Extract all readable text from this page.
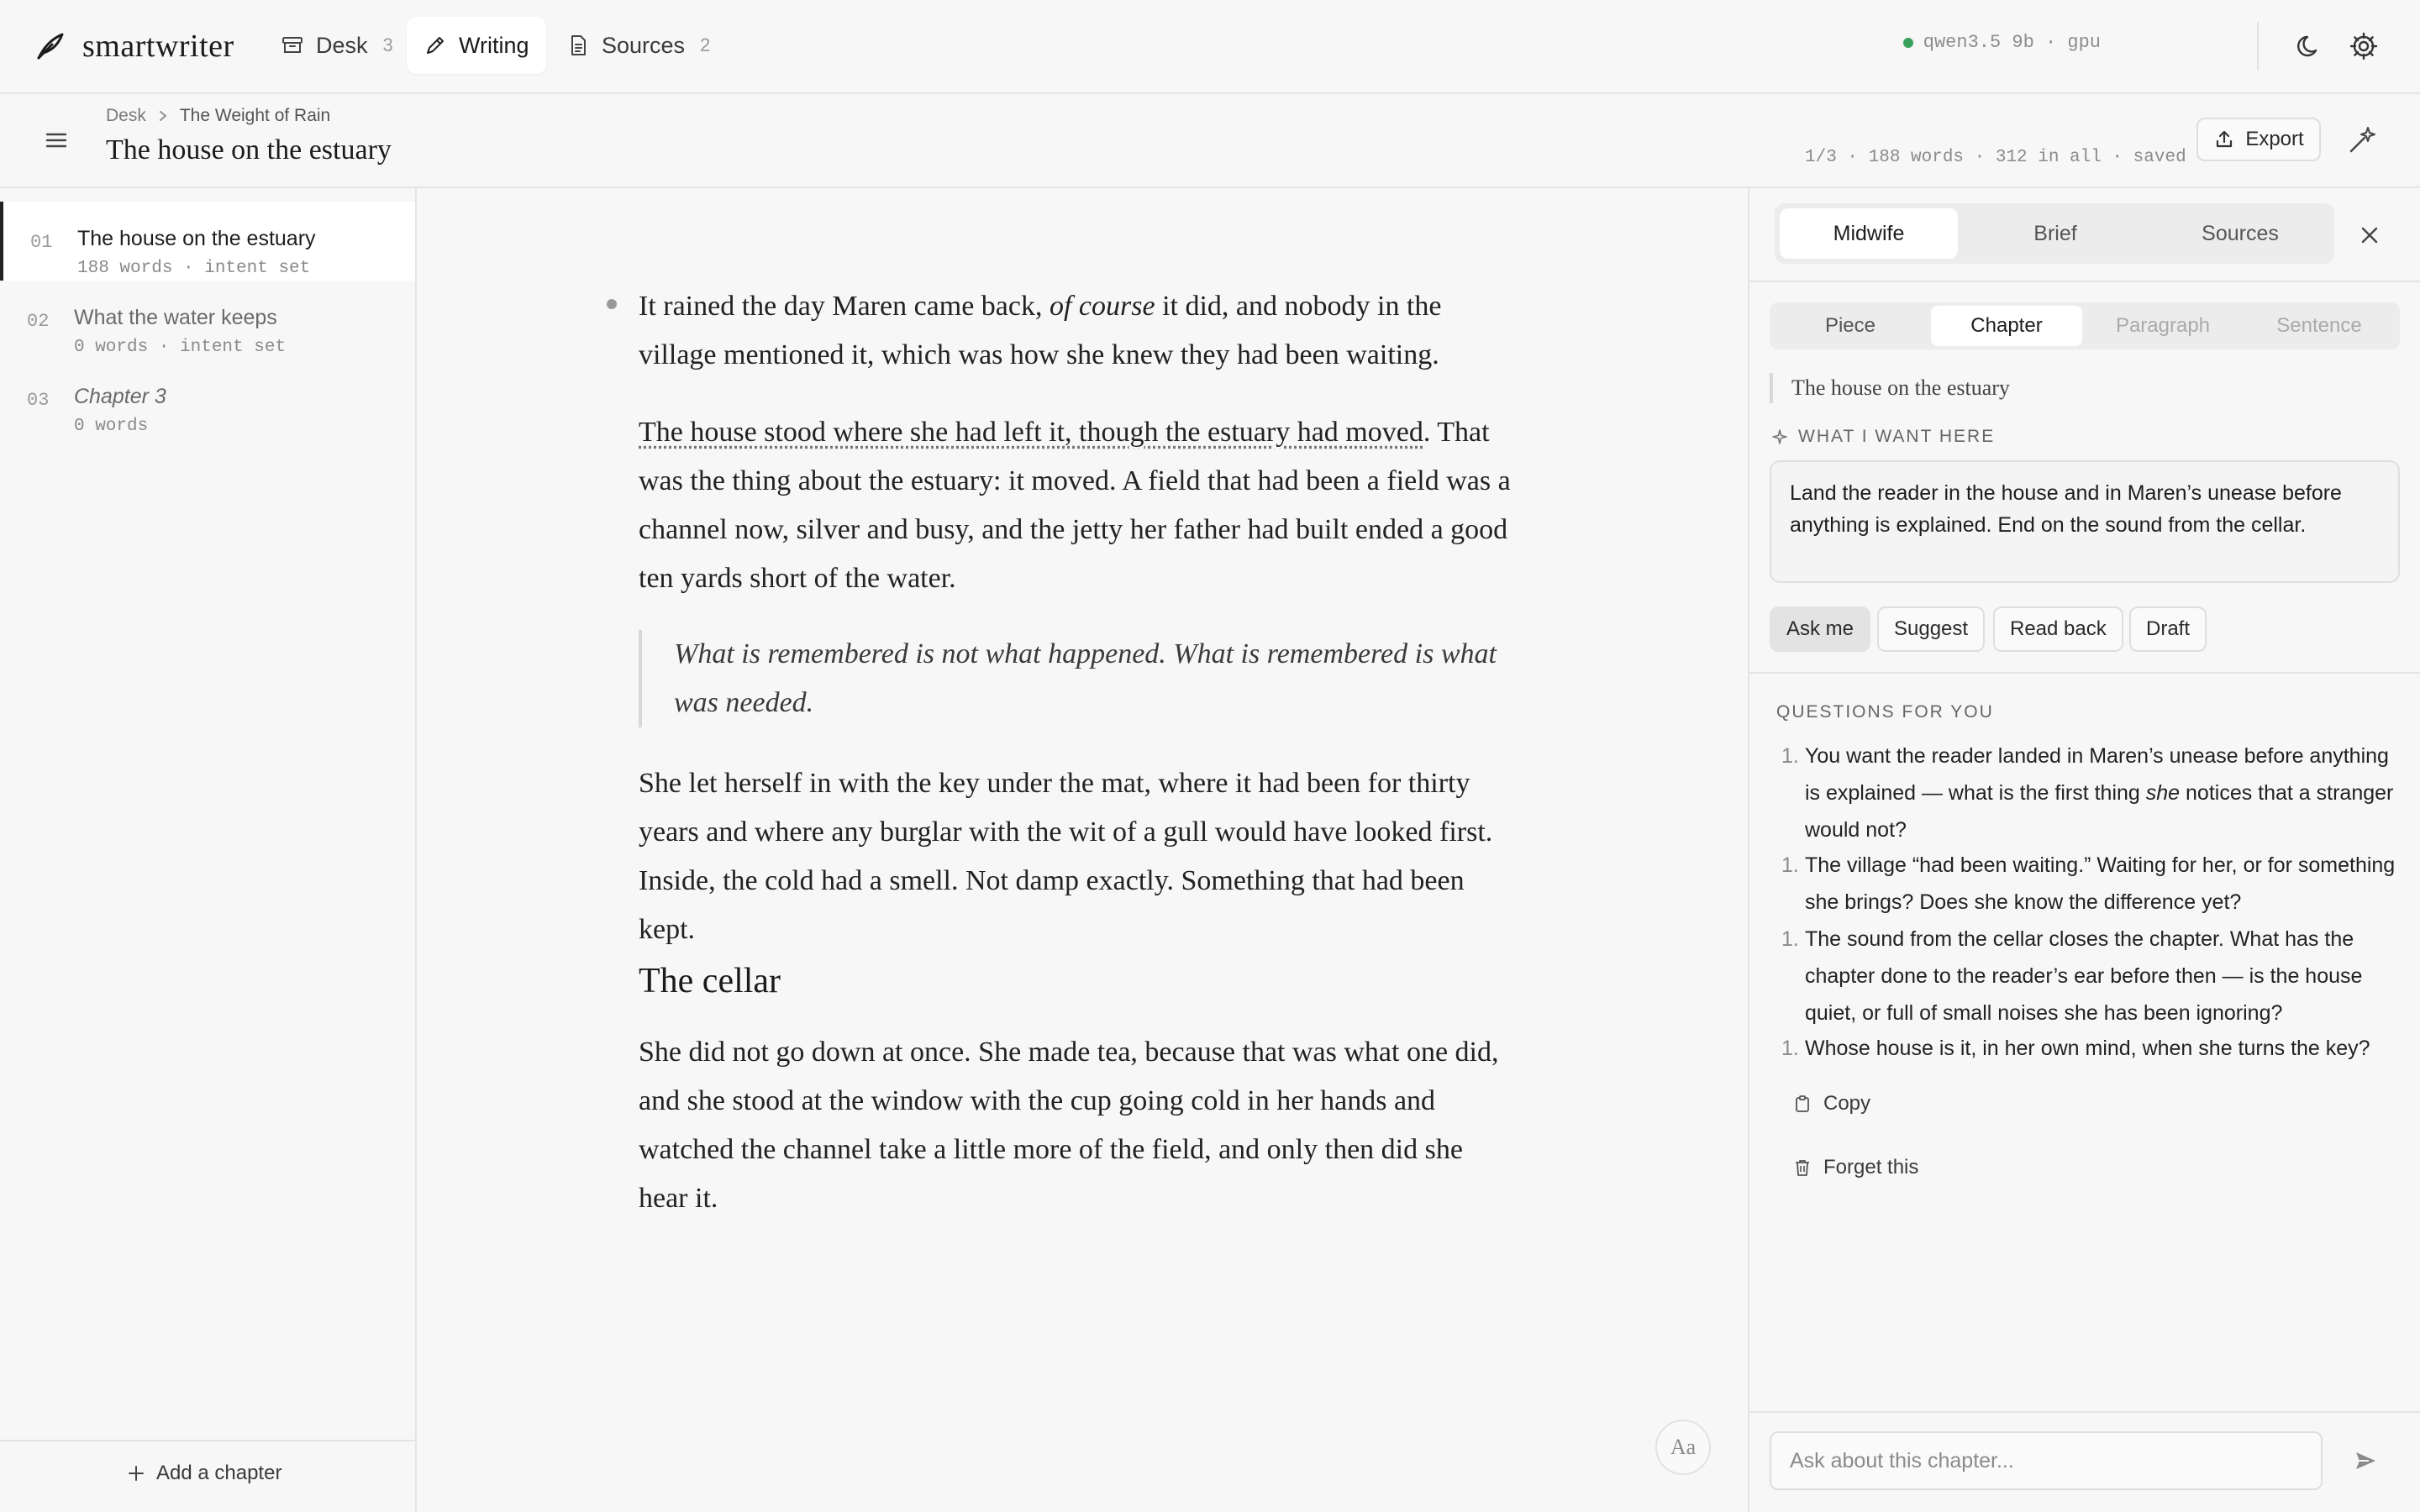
smartwriter	Desk 3	Writing	Sources 2	qwen3.5 9b · gpu
Desk The Weight of Rain
The house on the estuary	1/3 · 188 words · 312 in all · saved
Export
01 The house on the estuary
188 words · intent set
02 What the water keeps
0 words · intent set
03 Chapter 3
0 words
Add a chapter
It rained the day Maren came back, of course it did, and nobody in the village mentioned it, which was how she knew they had been waiting.
The house stood where she had left it, though the estuary had moved. That was the thing about the estuary: it moved. A field that had been a field was a channel now, silver and busy, and the jetty her father had built ended a good ten yards short of the water.
What is remembered is not what happened. What is remembered is what was needed.
She let herself in with the key under the mat, where it had been for thirty years and where any burglar with the wit of a gull would have looked first. Inside, the cold had a smell. Not damp exactly. Something that had been kept.
The cellar
She did not go down at once. She made tea, because that was what one did, and she stood at the window with the cup going cold in her hands and watched the channel take a little more of the field, and only then did she hear it.
Aa
Midwife	Brief	Sources
Piece	Chapter	Paragraph	Sentence
The house on the estuary
WHAT I WANT HERE
Land the reader in the house and in Maren’s unease before anything is explained. End on the sound from the cellar.
Ask me	Suggest	Read back	Draft
QUESTIONS FOR YOU
1. You want the reader landed in Maren’s unease before anything is explained — what is the first thing she notices that a stranger would not?
1. The village “had been waiting.” Waiting for her, or for something she brings? Does she know the difference yet?
1. The sound from the cellar closes the chapter. What has the chapter done to the reader’s ear before then — is the house quiet, or full of small noises she has been ignoring?
1. Whose house is it, in her own mind, when she turns the key?
Copy
Forget this
Ask about this chapter...
